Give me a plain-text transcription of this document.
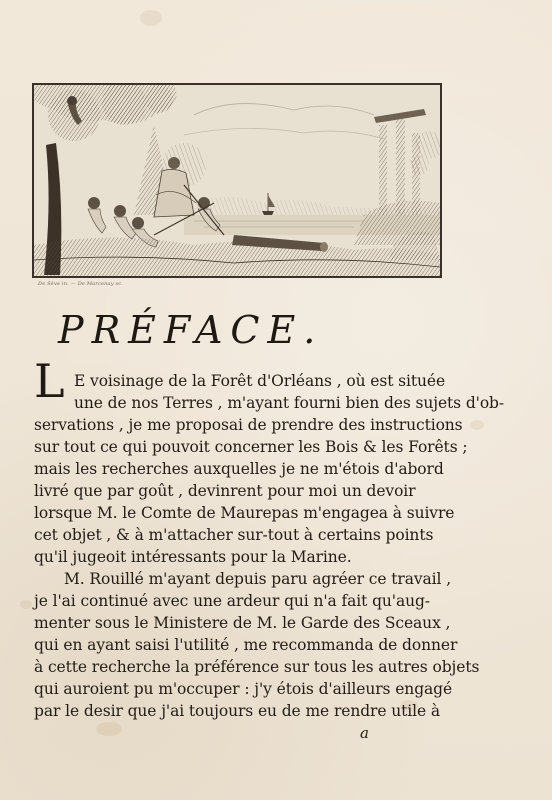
De Sève in. — De Marcenay sc.
PRÉFACE.
L E voisinage de la Forêt d'Orléans , où est située
une de nos Terres , m'ayant fourni bien des sujets d'ob-
servations , je me proposai de prendre des instructions
sur tout ce qui pouvoit concerner les Bois & les Forêts ;
mais les recherches auxquelles je ne m'étois d'abord
livré que par goût , devinrent pour moi un devoir
lorsque M. le Comte de Maurepas m'engagea à suivre
cet objet , & à m'attacher sur-tout à certains points
qu'il jugeoit intéressants pour la Marine.
M. Rouillé m'ayant depuis paru agréer ce travail ,
je l'ai continué avec une ardeur qui n'a fait qu'aug-
menter sous le Ministere de M. le Garde des Sceaux ,
qui en ayant saisi l'utilité , me recommanda de donner
à cette recherche la préférence sur tous les autres objets
qui auroient pu m'occuper : j'y étois d'ailleurs engagé
par le desir que j'ai toujours eu de me rendre utile à
a
